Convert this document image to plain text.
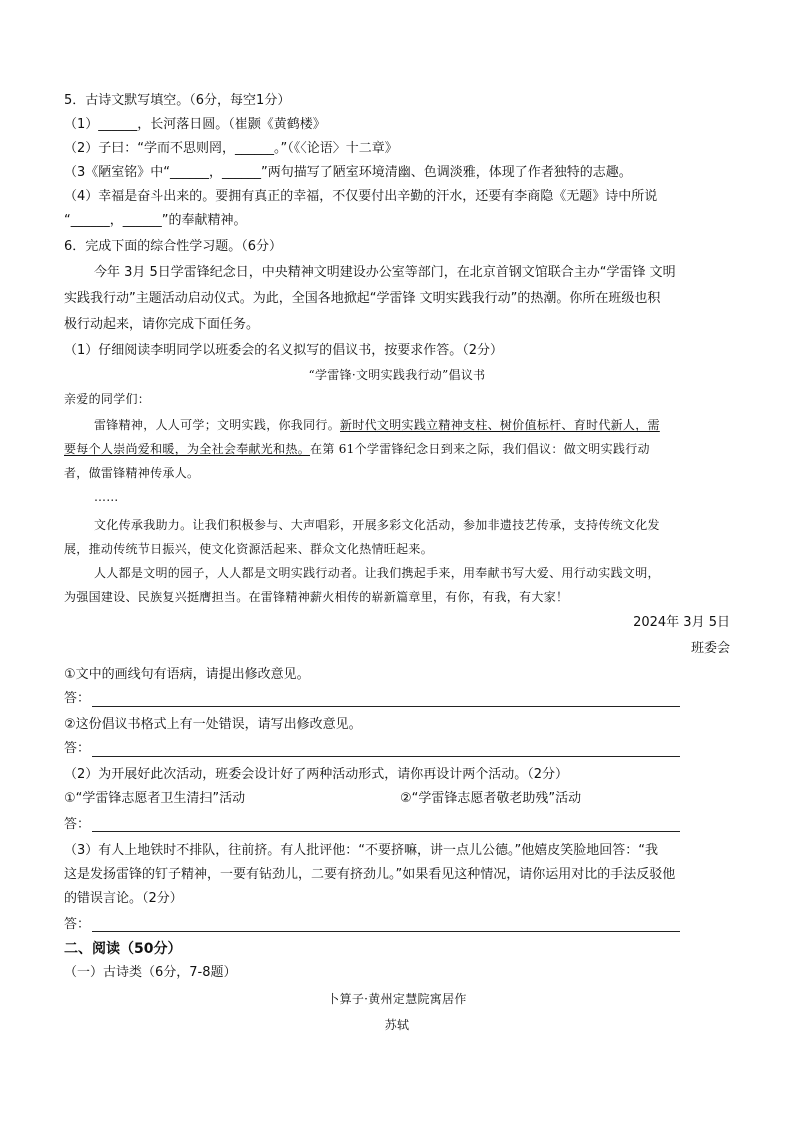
5．古诗文默写填空。（6分，每空1分）
（1）______，长河落日圆。（崔颢《黄鹤楼》
（2）子曰：“学而不思则罔，______。”（《〈论语〉十二章》
（3《陋室铭》中“______，______”两句描写了陋室环境清幽、色调淡雅，体现了作者独特的志趣。
（4）幸福是奋斗出来的。要拥有真正的幸福，不仅要付出辛勤的汗水，还要有李商隐《无题》诗中所说
“______，______”的奉献精神。
6．完成下面的综合性学习题。（6分）
今年 3月 5日学雷锋纪念日，中央精神文明建设办公室等部门，在北京首钢文馆联合主办“学雷锋 文明
实践我行动”主题活动启动仪式。为此，全国各地掀起“学雷锋 文明实践我行动”的热潮。你所在班级也积
极行动起来，请你完成下面任务。
（1）仔细阅读李明同学以班委会的名义拟写的倡议书，按要求作答。（2分）
“学雷锋·文明实践我行动”倡议书
亲爱的同学们：
雷锋精神，人人可学；文明实践，你我同行。新时代文明实践立精神支柱、树价值标杆、育时代新人，需
要每个人崇尚爱和暖，为全社会奉献光和热。在第 61个学雷锋纪念日到来之际，我们倡议：做文明实践行动
者，做雷锋精神传承人。
……
文化传承我助力。让我们积极参与、大声唱彩，开展多彩文化活动，参加非遗技艺传承，支持传统文化发
展，推动传统节日振兴，使文化资源活起来、群众文化热情旺起来。
人人都是文明的园子，人人都是文明实践行动者。让我们携起手来，用奉献书写大爱、用行动实践文明，
为强国建设、民族复兴挺膺担当。在雷锋精神薪火相传的崭新篇章里，有你，有我，有大家！
2024年 3月 5日
班委会
①文中的画线句有语病，请提出修改意见。
答：
②这份倡议书格式上有一处错误，请写出修改意见。
答：
（2）为开展好此次活动，班委会设计好了两种活动形式，请你再设计两个活动。（2分）
①“学雷锋志愿者卫生清扫”活动	②“学雷锋志愿者敬老助残”活动
答：
（3）有人上地铁时不排队，往前挤。有人批评他：“不要挤嘛，讲一点儿公德。”他嬉皮笑脸地回答：“我
这是发扬雷锋的钉子精神，一要有钻劲儿，二要有挤劲儿。”如果看见这种情况，请你运用对比的手法反驳他
的错误言论。（2分）
答：
二、阅读（50分）
（一）古诗类（6分，7-8题）
卜算子·黄州定慧院寓居作
苏轼
